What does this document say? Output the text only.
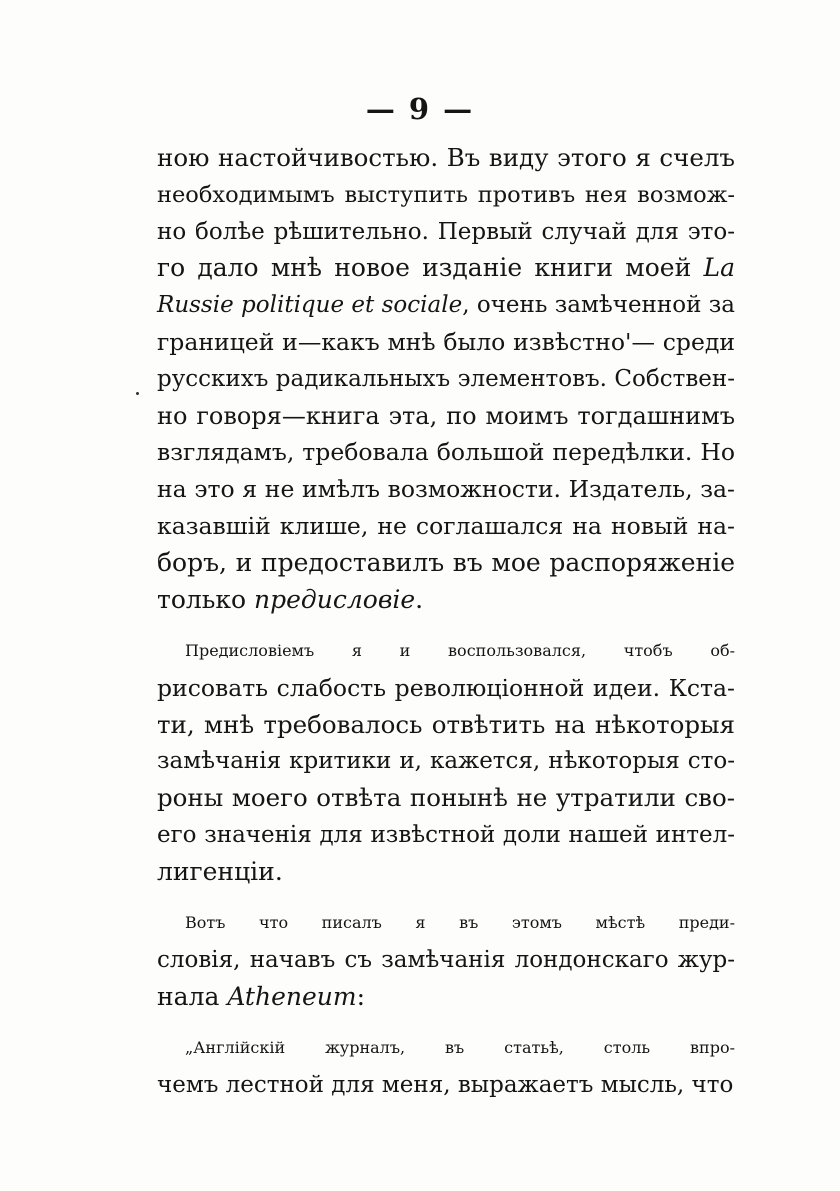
— 9 —
ною настойчивостью. Въ виду этого я счелъ
необходимымъ выступить противъ нея возмож-
но болѣе рѣшительно. Первый случай для это-
го дало мнѣ новое изданіе книги моей La
Russie politique et sociale, очень замѣченной за
границей и—какъ мнѣ было извѣстно'— среди
русскихъ радикальныхъ элементовъ. Собствен-
но говоря—книга эта, по моимъ тогдашнимъ
взглядамъ, требовала большой передѣлки. Но
на это я не имѣлъ возможности. Издатель, за-
казавшій клише, не соглашался на новый на-
боръ, и предоставилъ въ мое распоряженіе
только предисловіе.
Предисловіемъ я и воспользовался, чтобъ об-
рисовать слабость революціонной идеи. Кста-
ти, мнѣ требовалось отвѣтить на нѣкоторыя
замѣчанія критики и, кажется, нѣкоторыя сто-
роны моего отвѣта понынѣ не утратили сво-
его значенія для извѣстной доли нашей интел-
лигенціи.
Вотъ что писалъ я въ этомъ мѣстѣ преди-
словія, начавъ съ замѣчанія лондонскаго жур-
нала Atheneum:
„Англійскій журналъ, въ статьѣ, столь впро-
чемъ лестной для меня, выражаетъ мысль, что
